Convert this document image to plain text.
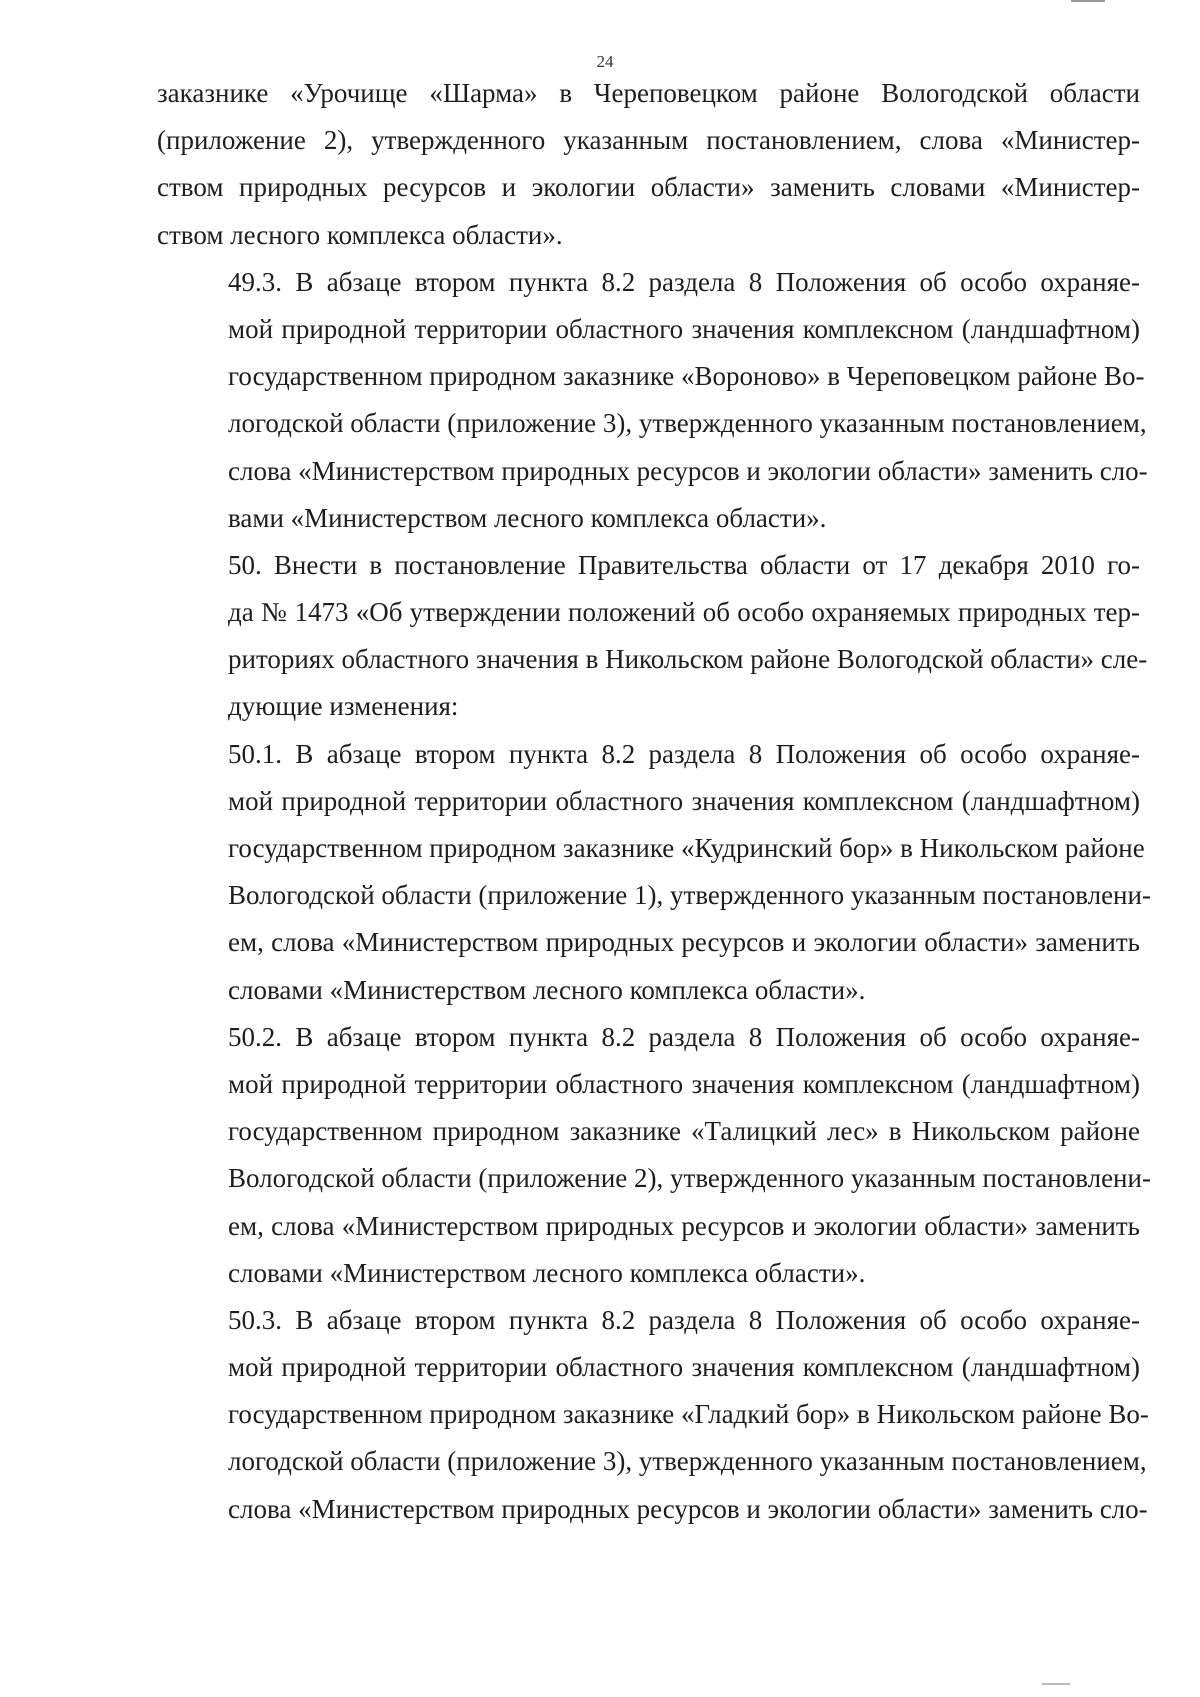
24
заказнике «Урочище «Шарма» в Череповецком районе Вологодской области
(приложение 2), утвержденного указанным постановлением, слова «Министер-
ством природных ресурсов и экологии области» заменить словами «Министер-
ством лесного комплекса области».
49.3. В абзаце втором пункта 8.2 раздела 8 Положения об особо охраняе-
мой природной территории областного значения комплексном (ландшафтном)
государственном природном заказнике «Вороново» в Череповецком районе Во-
логодской области (приложение 3), утвержденного указанным постановлением,
слова «Министерством природных ресурсов и экологии области» заменить сло-
вами «Министерством лесного комплекса области».
50. Внести в постановление Правительства области от 17 декабря 2010 го-
да № 1473 «Об утверждении положений об особо охраняемых природных тер-
риториях областного значения в Никольском районе Вологодской области» сле-
дующие изменения:
50.1. В абзаце втором пункта 8.2 раздела 8 Положения об особо охраняе-
мой природной территории областного значения комплексном (ландшафтном)
государственном природном заказнике «Кудринский бор» в Никольском районе
Вологодской области (приложение 1), утвержденного указанным постановлени-
ем, слова «Министерством природных ресурсов и экологии области» заменить
словами «Министерством лесного комплекса области».
50.2. В абзаце втором пункта 8.2 раздела 8 Положения об особо охраняе-
мой природной территории областного значения комплексном (ландшафтном)
государственном природном заказнике «Талицкий лес» в Никольском районе
Вологодской области (приложение 2), утвержденного указанным постановлени-
ем, слова «Министерством природных ресурсов и экологии области» заменить
словами «Министерством лесного комплекса области».
50.3. В абзаце втором пункта 8.2 раздела 8 Положения об особо охраняе-
мой природной территории областного значения комплексном (ландшафтном)
государственном природном заказнике «Гладкий бор» в Никольском районе Во-
логодской области (приложение 3), утвержденного указанным постановлением,
слова «Министерством природных ресурсов и экологии области» заменить сло-
